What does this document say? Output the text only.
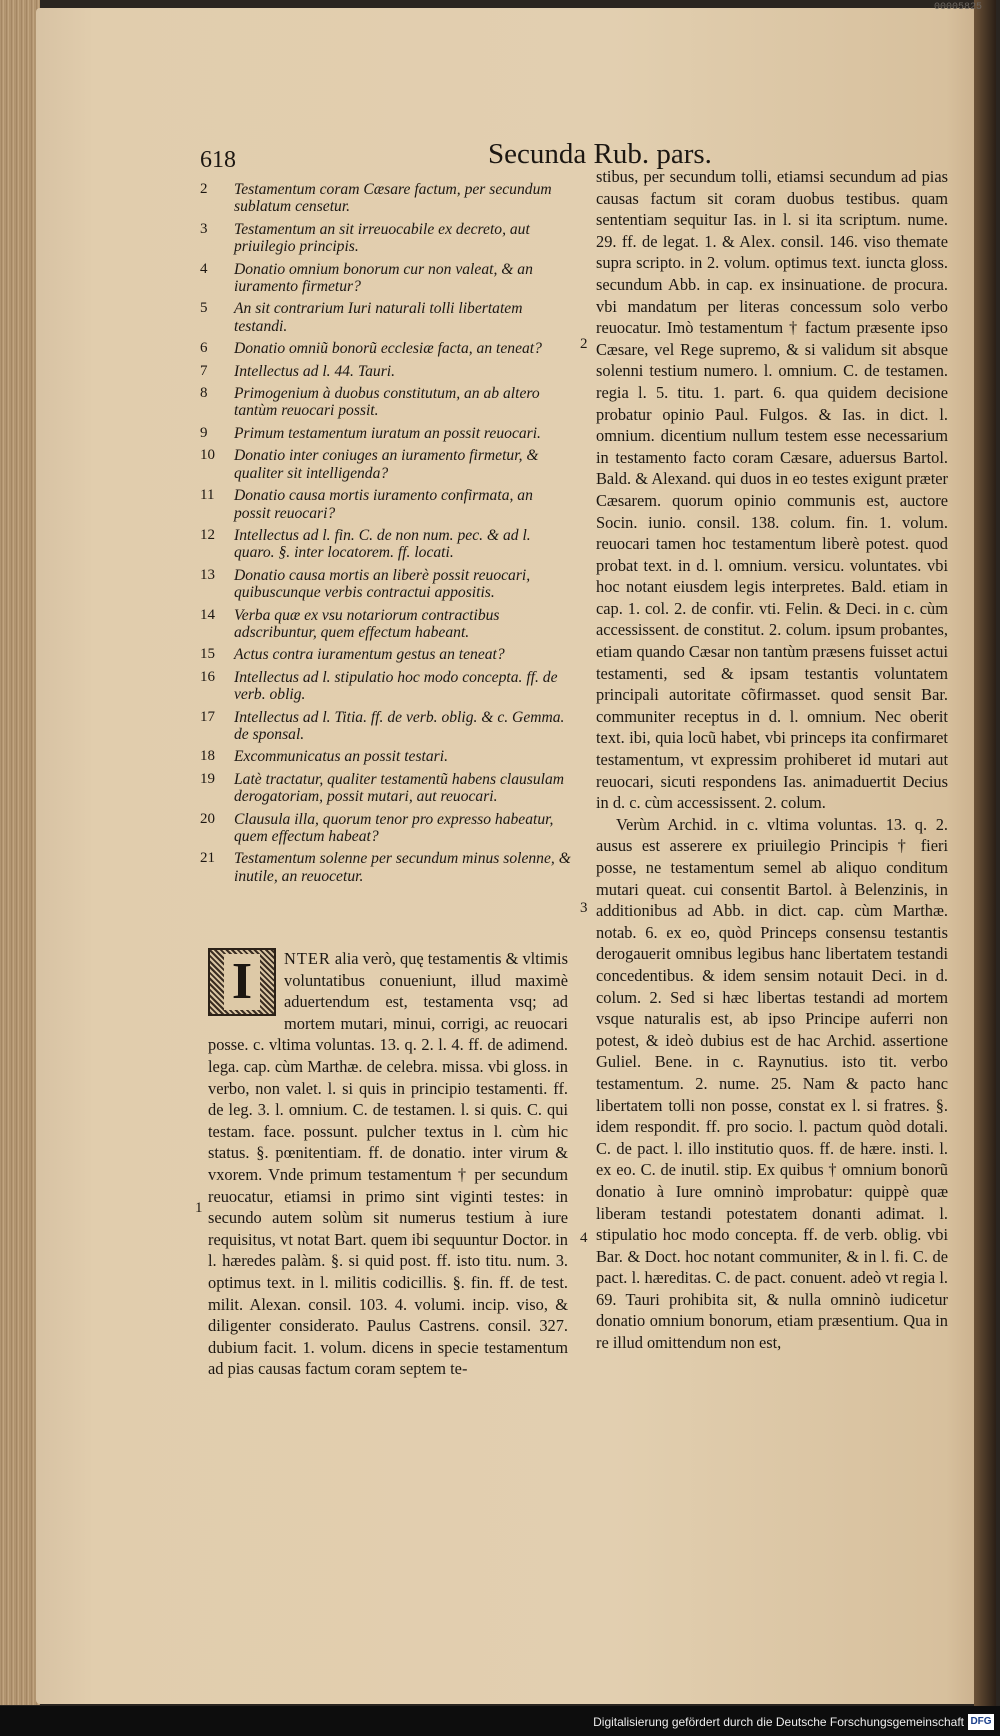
00005825
618	Secunda Rub. pars.
2 Testamentum coram Cæsare factum, per secundum sublatum censetur.
3 Testamentum an sit irreuocabile ex decreto, aut priuilegio principis.
4 Donatio omnium bonorum cur non valeat, & an iuramento firmetur?
5 An sit contrarium Iuri naturali tolli libertatem testandi.
6 Donatio omniũ bonorũ ecclesiæ facta, an teneat?
7 Intellectus ad l. 44. Tauri.
8 Primogenium à duobus constitutum, an ab altero tantùm reuocari possit.
9 Primum testamentum iuratum an possit reuocari.
10 Donatio inter coniuges an iuramento firmetur, & qualiter sit intelligenda?
11 Donatio causa mortis iuramento confirmata, an possit reuocari?
12 Intellectus ad l. fin. C. de non num. pec. & ad l. quaro. §. inter locatorem. ff. locati.
13 Donatio causa mortis an liberè possit reuocari, quibuscunque verbis contractui appositis.
14 Verba quæ ex vsu notariorum contractibus adscribuntur, quem effectum habeant.
15 Actus contra iuramentum gestus an teneat?
16 Intellectus ad l. stipulatio hoc modo concepta. ff. de verb. oblig.
17 Intellectus ad l. Titia. ff. de verb. oblig. & c. Gemma. de sponsal.
18 Excommunicatus an possit testari.
19 Latè tractatur, qualiter testamentũ habens clausulam derogatoriam, possit mutari, aut reuocari.
20 Clausula illa, quorum tenor pro expresso habeatur, quem effectum habeat?
21 Testamentum solenne per secundum minus solenne, & inutile, an reuocetur.
1

I	NTER alia verò, quę testamentis & vltimis voluntatibus conueniunt, illud maximè aduertendum est, testamenta vsq; ad mortem mutari, minui, corrigi, ac reuocari posse. c. vltima voluntas. 13. q. 2. l. 4. ff. de adimend. lega. cap. cùm Marthæ. de celebra. missa. vbi gloss. in verbo, non valet. l. si quis in principio testamenti. ff. de leg. 3. l. omnium. C. de testamen. l. si quis. C. qui testam. face. possunt. pulcher textus in l. cùm hic status. §. pœnitentiam. ff. de donatio. inter virum & vxorem. Vnde primum testamentum † per secundum reuocatur, etiamsi in primo sint viginti testes: in secundo autem solùm sit numerus testium à iure requisitus, vt notat Bart. quem ibi sequuntur Doctor. in l. hæredes palàm. §. si quid post. ff. isto titu. num. 3. optimus text. in l. militis codicillis. §. fin. ff. de test. milit. Alexan. consil. 103. 4. volumi. incip. viso, & diligenter considerato. Paulus Castrens. consil. 327. dubium facit. 1. volum. dicens in specie testamentum ad pias causas factum coram septem te-

2
3
4

stibus, per secundum tolli, etiamsi secundum ad pias causas factum sit coram duobus testibus. quam sententiam sequitur Ias. in l. si ita scriptum. nume. 29. ff. de legat. 1. & Alex. consil. 146. viso themate supra scripto. in 2. volum. optimus text. iuncta gloss. secundum Abb. in cap. ex insinuatione. de procura. vbi mandatum per literas concessum solo verbo reuocatur. Imò testamentum † factum præsente ipso Cæsare, vel Rege supremo, & si validum sit absque solenni testium numero. l. omnium. C. de testamen. regia l. 5. titu. 1. part. 6. qua quidem decisione probatur opinio Paul. Fulgos. & Ias. in dict. l. omnium. dicentium nullum testem esse necessarium in testamento facto coram Cæsare, aduersus Bartol. Bald. & Alexand. qui duos in eo testes exigunt præter Cæsarem. quorum opinio communis est, auctore Socin. iunio. consil. 138. colum. fin. 1. volum. reuocari tamen hoc testamentum liberè potest. quod probat text. in d. l. omnium. versicu. voluntates. vbi hoc notant eiusdem legis interpretes. Bald. etiam in cap. 1. col. 2. de confir. vti. Felin. & Deci. in c. cùm accessissent. de constitut. 2. colum. ipsum probantes, etiam quando Cæsar non tantùm præsens fuisset actui testamenti, sed & ipsam testantis voluntatem principali autoritate cõfirmasset. quod sensit Bar. communiter receptus in d. l. omnium. Nec oberit text. ibi, quia locũ habet, vbi princeps ita confirmaret testamentum, vt expressim prohiberet id mutari aut reuocari, sicuti respondens Ias. animaduertit Decius in d. c. cùm accessissent. 2. colum.

Verùm Archid. in c. vltima voluntas. 13. q. 2. ausus est asserere ex priuilegio Principis † fieri posse, ne testamentum semel ab aliquo conditum mutari queat. cui consentit Bartol. à Belenzinis, in additionibus ad Abb. in dict. cap. cùm Marthæ. notab. 6. ex eo, quòd Princeps consensu testantis derogauerit omnibus legibus hanc libertatem testandi concedentibus. & idem sensim notauit Deci. in d. colum. 2. Sed si hæc libertas testandi ad mortem vsque naturalis est, ab ipso Principe auferri non potest, & ideò dubius est de hac Archid. assertione Guliel. Bene. in c. Raynutius. isto tit. verbo testamentum. 2. nume. 25. Nam & pacto hanc libertatem tolli non posse, constat ex l. si fratres. §. idem respondit. ff. pro socio. l. pactum quòd dotali. C. de pact. l. illo institutio quos. ff. de hære. insti. l. ex eo. C. de inutil. stip. Ex quibus † omnium bonorũ donatio à Iure omninò improbatur: quippè quæ liberam testandi potestatem donanti adimat. l. stipulatio hoc modo concepta. ff. de verb. oblig. vbi Bar. & Doct. hoc notant communiter, & in l. fi. C. de pact. l. hæreditas. C. de pact. conuent. adeò vt regia l. 69. Tauri prohibita sit, & nulla omninò iudicetur donatio omnium bonorum, etiam præsentium. Qua in re illud omittendum non est,

Digitalisierung gefördert durch die Deutsche Forschungsgemeinschaft DFG
